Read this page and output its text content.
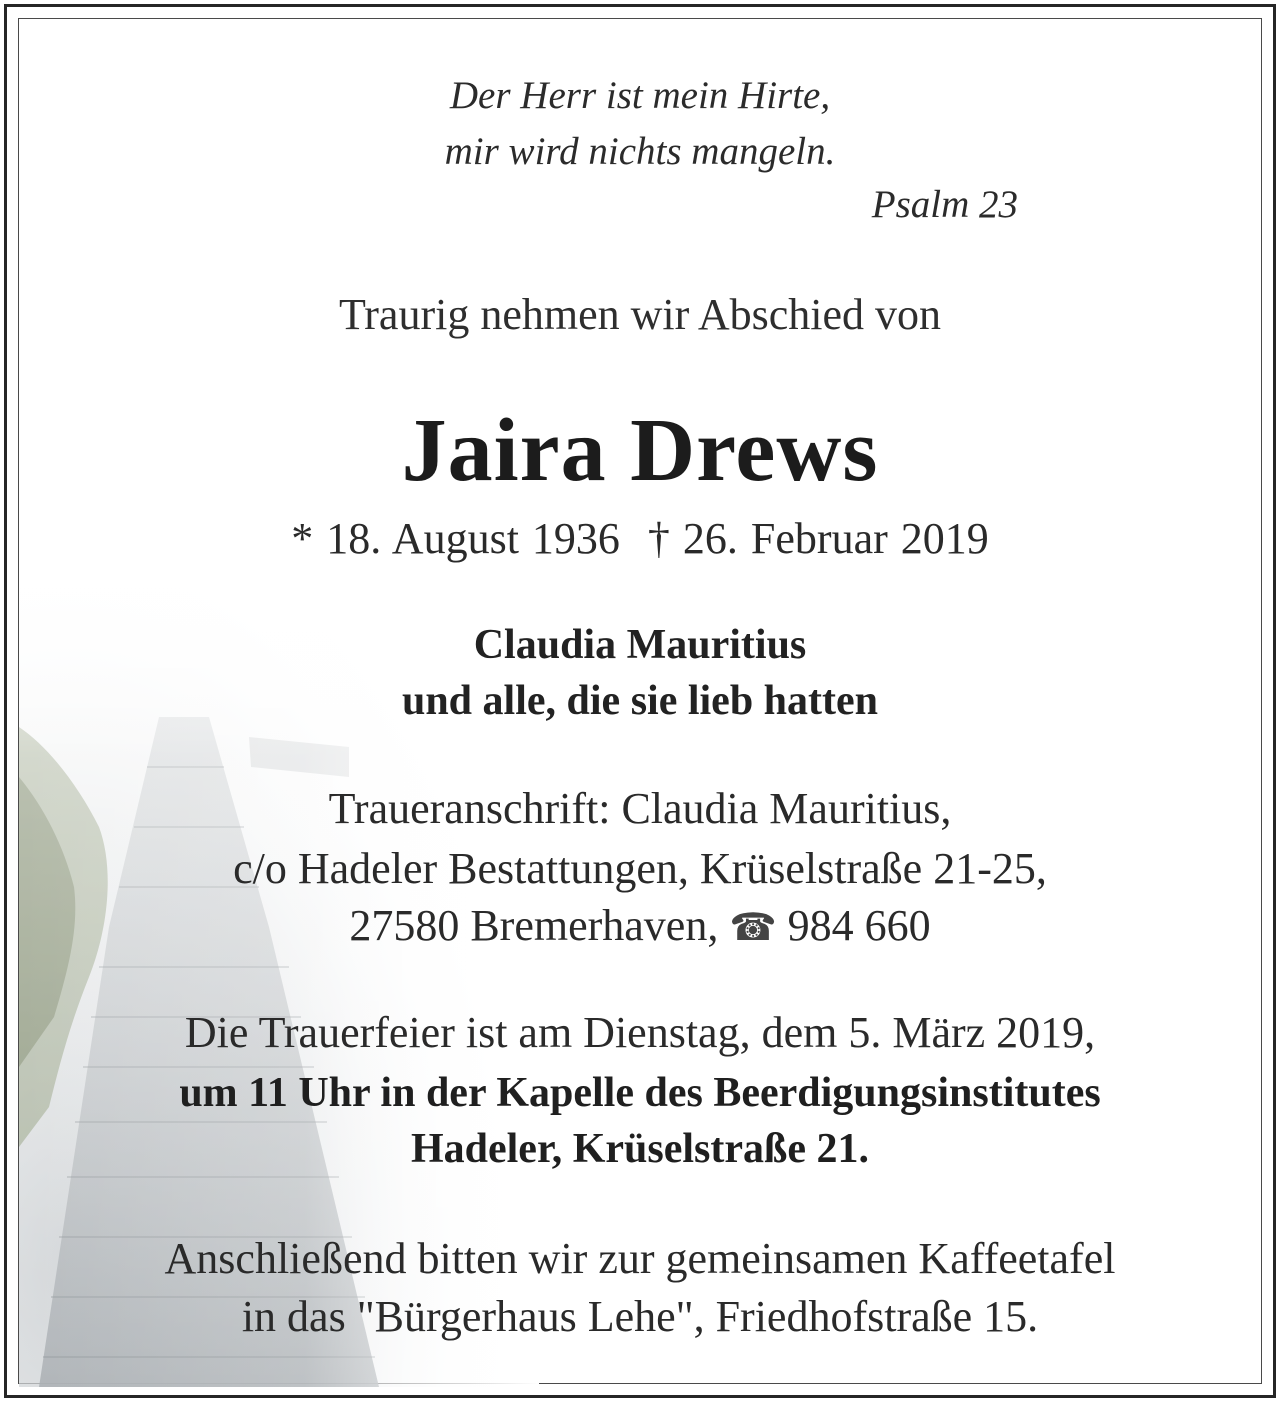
Der Herr ist mein Hirte,
mir wird nichts mangeln.
Psalm 23
Traurig nehmen wir Abschied von
Jaira Drews
* 18. August 1936 † 26. Februar 2019
Claudia Mauritius
und alle, die sie lieb hatten
Traueranschrift: Claudia Mauritius,
c/o Hadeler Bestattungen, Krüselstraße 21-25,
27580 Bremerhaven, ☎ 984 660
Die Trauerfeier ist am Dienstag, dem 5. März 2019,
um 11 Uhr in der Kapelle des Beerdigungsinstitutes
Hadeler, Krüselstraße 21.
Anschließend bitten wir zur gemeinsamen Kaffeetafel
in das "Bürgerhaus Lehe", Friedhofstraße 15.
